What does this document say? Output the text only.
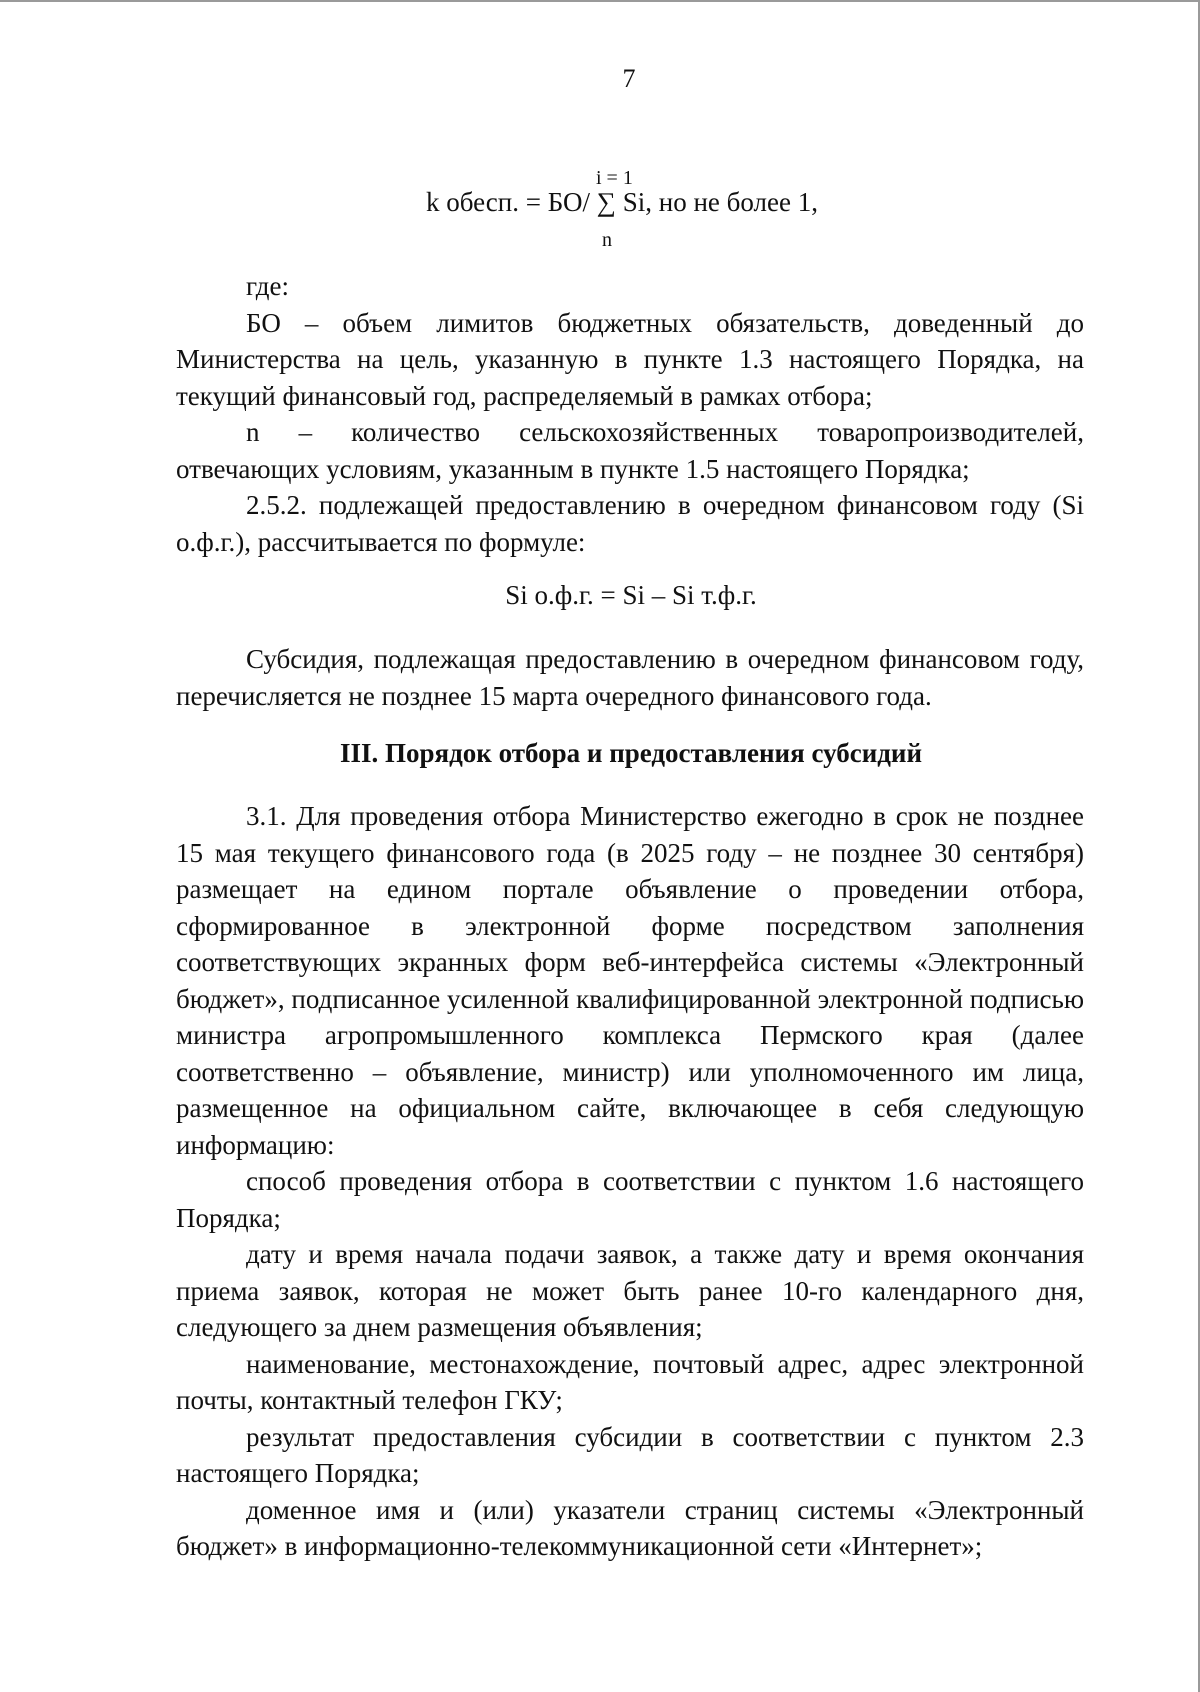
7
i = 1
k обесп. = БО/ ∑ Si, но не более 1,
n

где:

БО – объем лимитов бюджетных обязательств, доведенный до Министерства на цель, указанную в пункте 1.3 настоящего Порядка, на текущий финансовый год, распределяемый в рамках отбора;

n – количество сельскохозяйственных товаропроизводителей, отвечающих условиям, указанным в пункте 1.5 настоящего Порядка;

2.5.2. подлежащей предоставлению в очередном финансовом году (Si о.ф.г.), рассчитывается по формуле:

Si о.ф.г. = Si – Si т.ф.г.

Субсидия, подлежащая предоставлению в очередном финансовом году, перечисляется не позднее 15 марта очередного финансового года.

III. Порядок отбора и предоставления субсидий

3.1. Для проведения отбора Министерство ежегодно в срок не позднее 15 мая текущего финансового года (в 2025 году – не позднее 30 сентября) размещает на едином портале объявление о проведении отбора, сформированное в электронной форме посредством заполнения соответствующих экранных форм веб-интерфейса системы «Электронный бюджет», подписанное усиленной квалифицированной электронной подписью министра агропромышленного комплекса Пермского края (далее соответственно – объявление, министр) или уполномоченного им лица, размещенное на официальном сайте, включающее в себя следующую информацию:

способ проведения отбора в соответствии с пунктом 1.6 настоящего Порядка;

дату и время начала подачи заявок, а также дату и время окончания приема заявок, которая не может быть ранее 10-го календарного дня, следующего за днем размещения объявления;

наименование, местонахождение, почтовый адрес, адрес электронной почты, контактный телефон ГКУ;

результат предоставления субсидии в соответствии с пунктом 2.3 настоящего Порядка;

доменное имя и (или) указатели страниц системы «Электронный бюджет» в информационно-телекоммуникационной сети «Интернет»;
